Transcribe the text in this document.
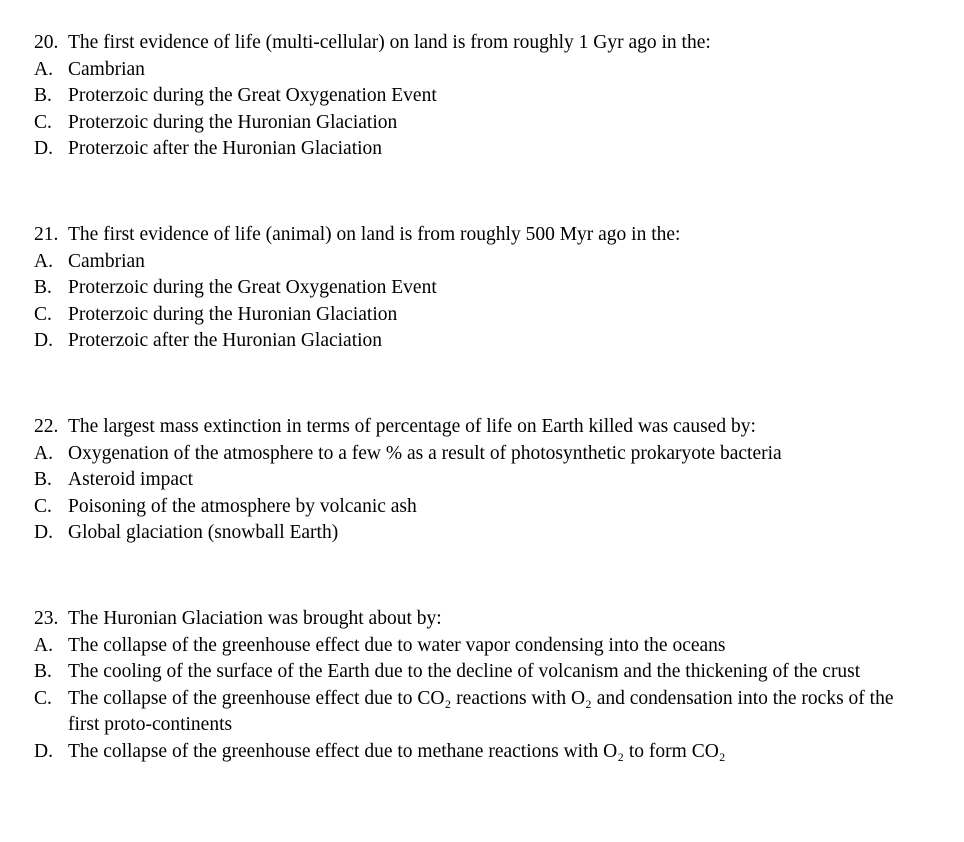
20. The first evidence of life (multi-cellular) on land is from roughly 1 Gyr ago in the:
A. Cambrian
B. Proterzoic during the Great Oxygenation Event
C. Proterzoic during the Huronian Glaciation
D. Proterzoic after the Huronian Glaciation
21. The first evidence of life (animal) on land is from roughly 500 Myr ago in the:
A. Cambrian
B. Proterzoic during the Great Oxygenation Event
C. Proterzoic during the Huronian Glaciation
D. Proterzoic after the Huronian Glaciation
22. The largest mass extinction in terms of percentage of life on Earth killed was caused by:
A. Oxygenation of the atmosphere to a few % as a result of photosynthetic prokaryote bacteria
B. Asteroid impact
C. Poisoning of the atmosphere by volcanic ash
D. Global glaciation (snowball Earth)
23. The Huronian Glaciation was brought about by:
A. The collapse of the greenhouse effect due to water vapor condensing into the oceans
B. The cooling of the surface of the Earth due to the decline of volcanism and the thickening of the crust
C. The collapse of the greenhouse effect due to CO₂ reactions with O₂ and condensation into the rocks of the first proto-continents
D. The collapse of the greenhouse effect due to methane reactions with O₂ to form CO₂
